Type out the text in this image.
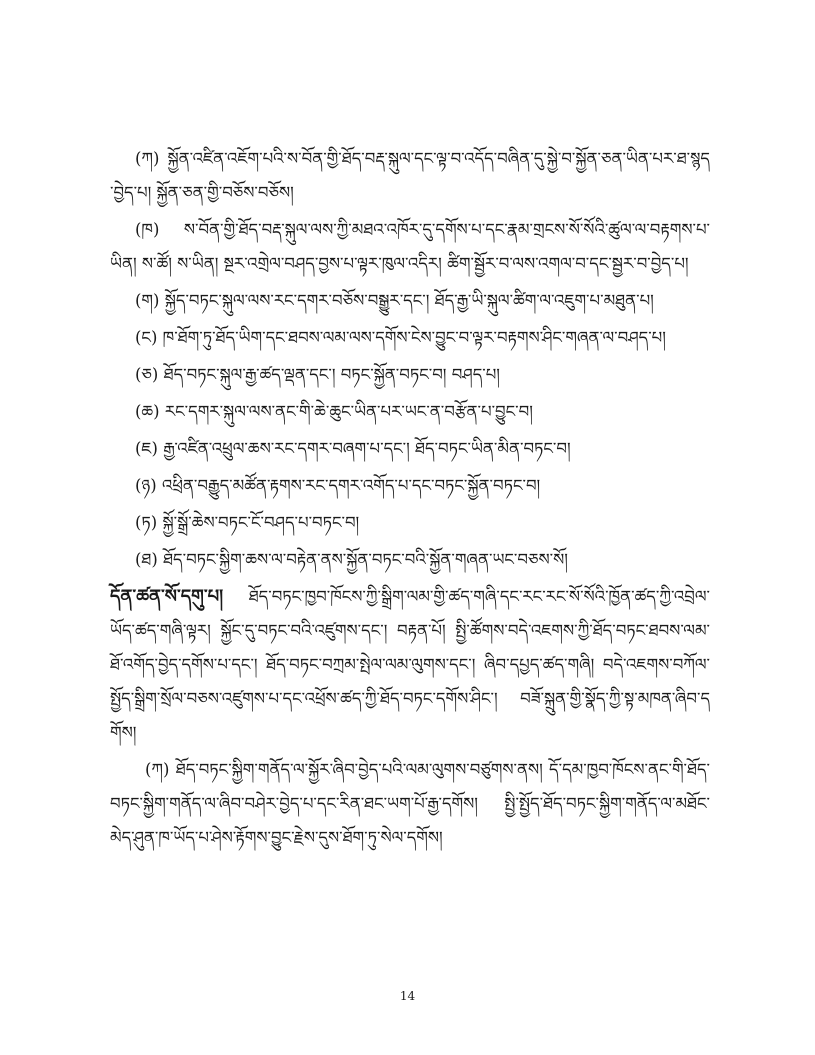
(ཀ) སྐྱོན་འཛིན་འཇོག་པའི་ས་བོན་གྱི་ཐོད་བརྡ་སྐུལ་དང་ལྟ་བ་འདོད་བཞིན་དུ་སྐྱེ་བ་སྐྱོན་ཅན་ཡིན་པར་ཐ་སྙད་བྱེད་པ། སྐྱོན་ཅན་གྱི་བཅོས་བཅོས།

(ཁ) ས་བོན་གྱི་ཐོད་བརྡ་སྐུལ་ལས་ཀྱི་མཐའ་འཁོར་དུ་དགོས་པ་དང་རྣམ་གྲངས་སོ་སོའི་ཚུལ་ལ་བརྟགས་པ་ཡིན། ས་ཚོ། ས་ཡིན། སྔར་འགྲེལ་བཤད་བྱས་པ་ལྟར་ཁུལ་འདིར། ཚིག་སྦྱོར་བ་ལས་འགལ་བ་དང་སྦྱར་བ་བྱེད་པ།

(ག) སྐྱོད་བཏང་སྐུལ་ལས་རང་དགར་བཅོས་བསྒྱུར་དང་། ཐོད་རྒྱ་ཡི་སྐུལ་ཚིག་ལ་འཇུག་པ་མཐུན་པ།

(ང) ཁ་ཐོག་ཏུ་ཐོད་ཡིག་དང་ཐབས་ལམ་ལས་དགོས་ངེས་བྱུང་བ་ལྟར་བརྟགས་ཤིང་གཞན་ལ་བཤད་པ།

(ཅ) ཐོད་བཏང་སྐུལ་རྒྱ་ཚད་ལྡན་དང་། བཏང་སྐྱོན་བཏང་བ། བཤད་པ།

(ཆ) རང་དགར་སྐུལ་ལས་ནང་གི་ཆེ་ཆུང་ཡིན་པར་ཡང་ན་བརྩོན་པ་བྱུང་བ།

(ཇ) རྒྱ་འཛིན་འཕྲུལ་ཆས་རང་དགར་བཞག་པ་དང་། ཐོད་བཏང་ཡིན་མིན་བཏང་བ།

(ཉ) འཕྲིན་བརྒྱུད་མཚོན་རྟགས་རང་དགར་འགོད་པ་དང་བཏང་སྐྱོན་བཏང་བ།

(ཏ) སྐྱོ་སྒྲོ་ཆེས་བཏང་ངོ་བཤད་པ་བཏང་བ།

(ཐ) ཐོད་བཏང་སྐྱིག་ཆས་ལ་བརྟེན་ནས་སྐྱོན་བཏང་བའི་སྐྱོན་གཞན་ཡང་བཅས་སོ།

དོན་ཚན་སོ་དགུ་པ། ཐོད་བཏང་ཁྱབ་ཁོངས་ཀྱི་སྒྲིག་ལམ་གྱི་ཚད་གཞི་དང་རང་རང་སོ་སོའི་ཁྱོན་ཚད་ཀྱི་འབྲེལ་ཡོད་ཚད་གཞི་ལྟར། སྐྱོང་དུ་བཏང་བའི་འཛུགས་དང་། བརྟན་པོ། སྤྱི་ཚོགས་བདེ་འཇགས་ཀྱི་ཐོད་བཏང་ཐབས་ལམ་ཐོ་འགོད་བྱེད་དགོས་པ་དང་། ཐོད་བཏང་བཀྲམ་སྤེལ་ལམ་ལུགས་དང་། ཞིབ་དཔྱད་ཚད་གཞི། བདེ་འཇགས་བཀོལ་སྤྱོད་སྒྲིག་སྲོལ་བཅས་འཛུགས་པ་དང་འཕྲོས་ཚད་ཀྱི་ཐོད་བཏང་དགོས་ཤིང་། བཟོ་སྐྲུན་གྱི་སྣོད་ཀྱི་སྟ་མཁན་ཞིབ་དགོས།

(ཀ) ཐོད་བཏང་སྐྱིག་གནོད་ལ་སྐྱོར་ཞིབ་བྱེད་པའི་ལམ་ལུགས་བཙུགས་ནས། དོ་དམ་ཁྱབ་ཁོངས་ནང་གི་ཐོད་བཏང་སྐྱིག་གནོད་ལ་ཞིབ་བཤེར་བྱེད་པ་དང་རིན་ཐང་ཡག་པོ་རྒྱ་དགོས། སྤྱི་སྤྱོད་ཐོད་བཏང་སྐྱིག་གནོད་ལ་མཐོང་མེད་ཤུན་ཁ་ཡོད་པ་ཤེས་རྟོགས་བྱུང་རྗེས་དུས་ཐོག་ཏུ་སེལ་དགོས།

14
